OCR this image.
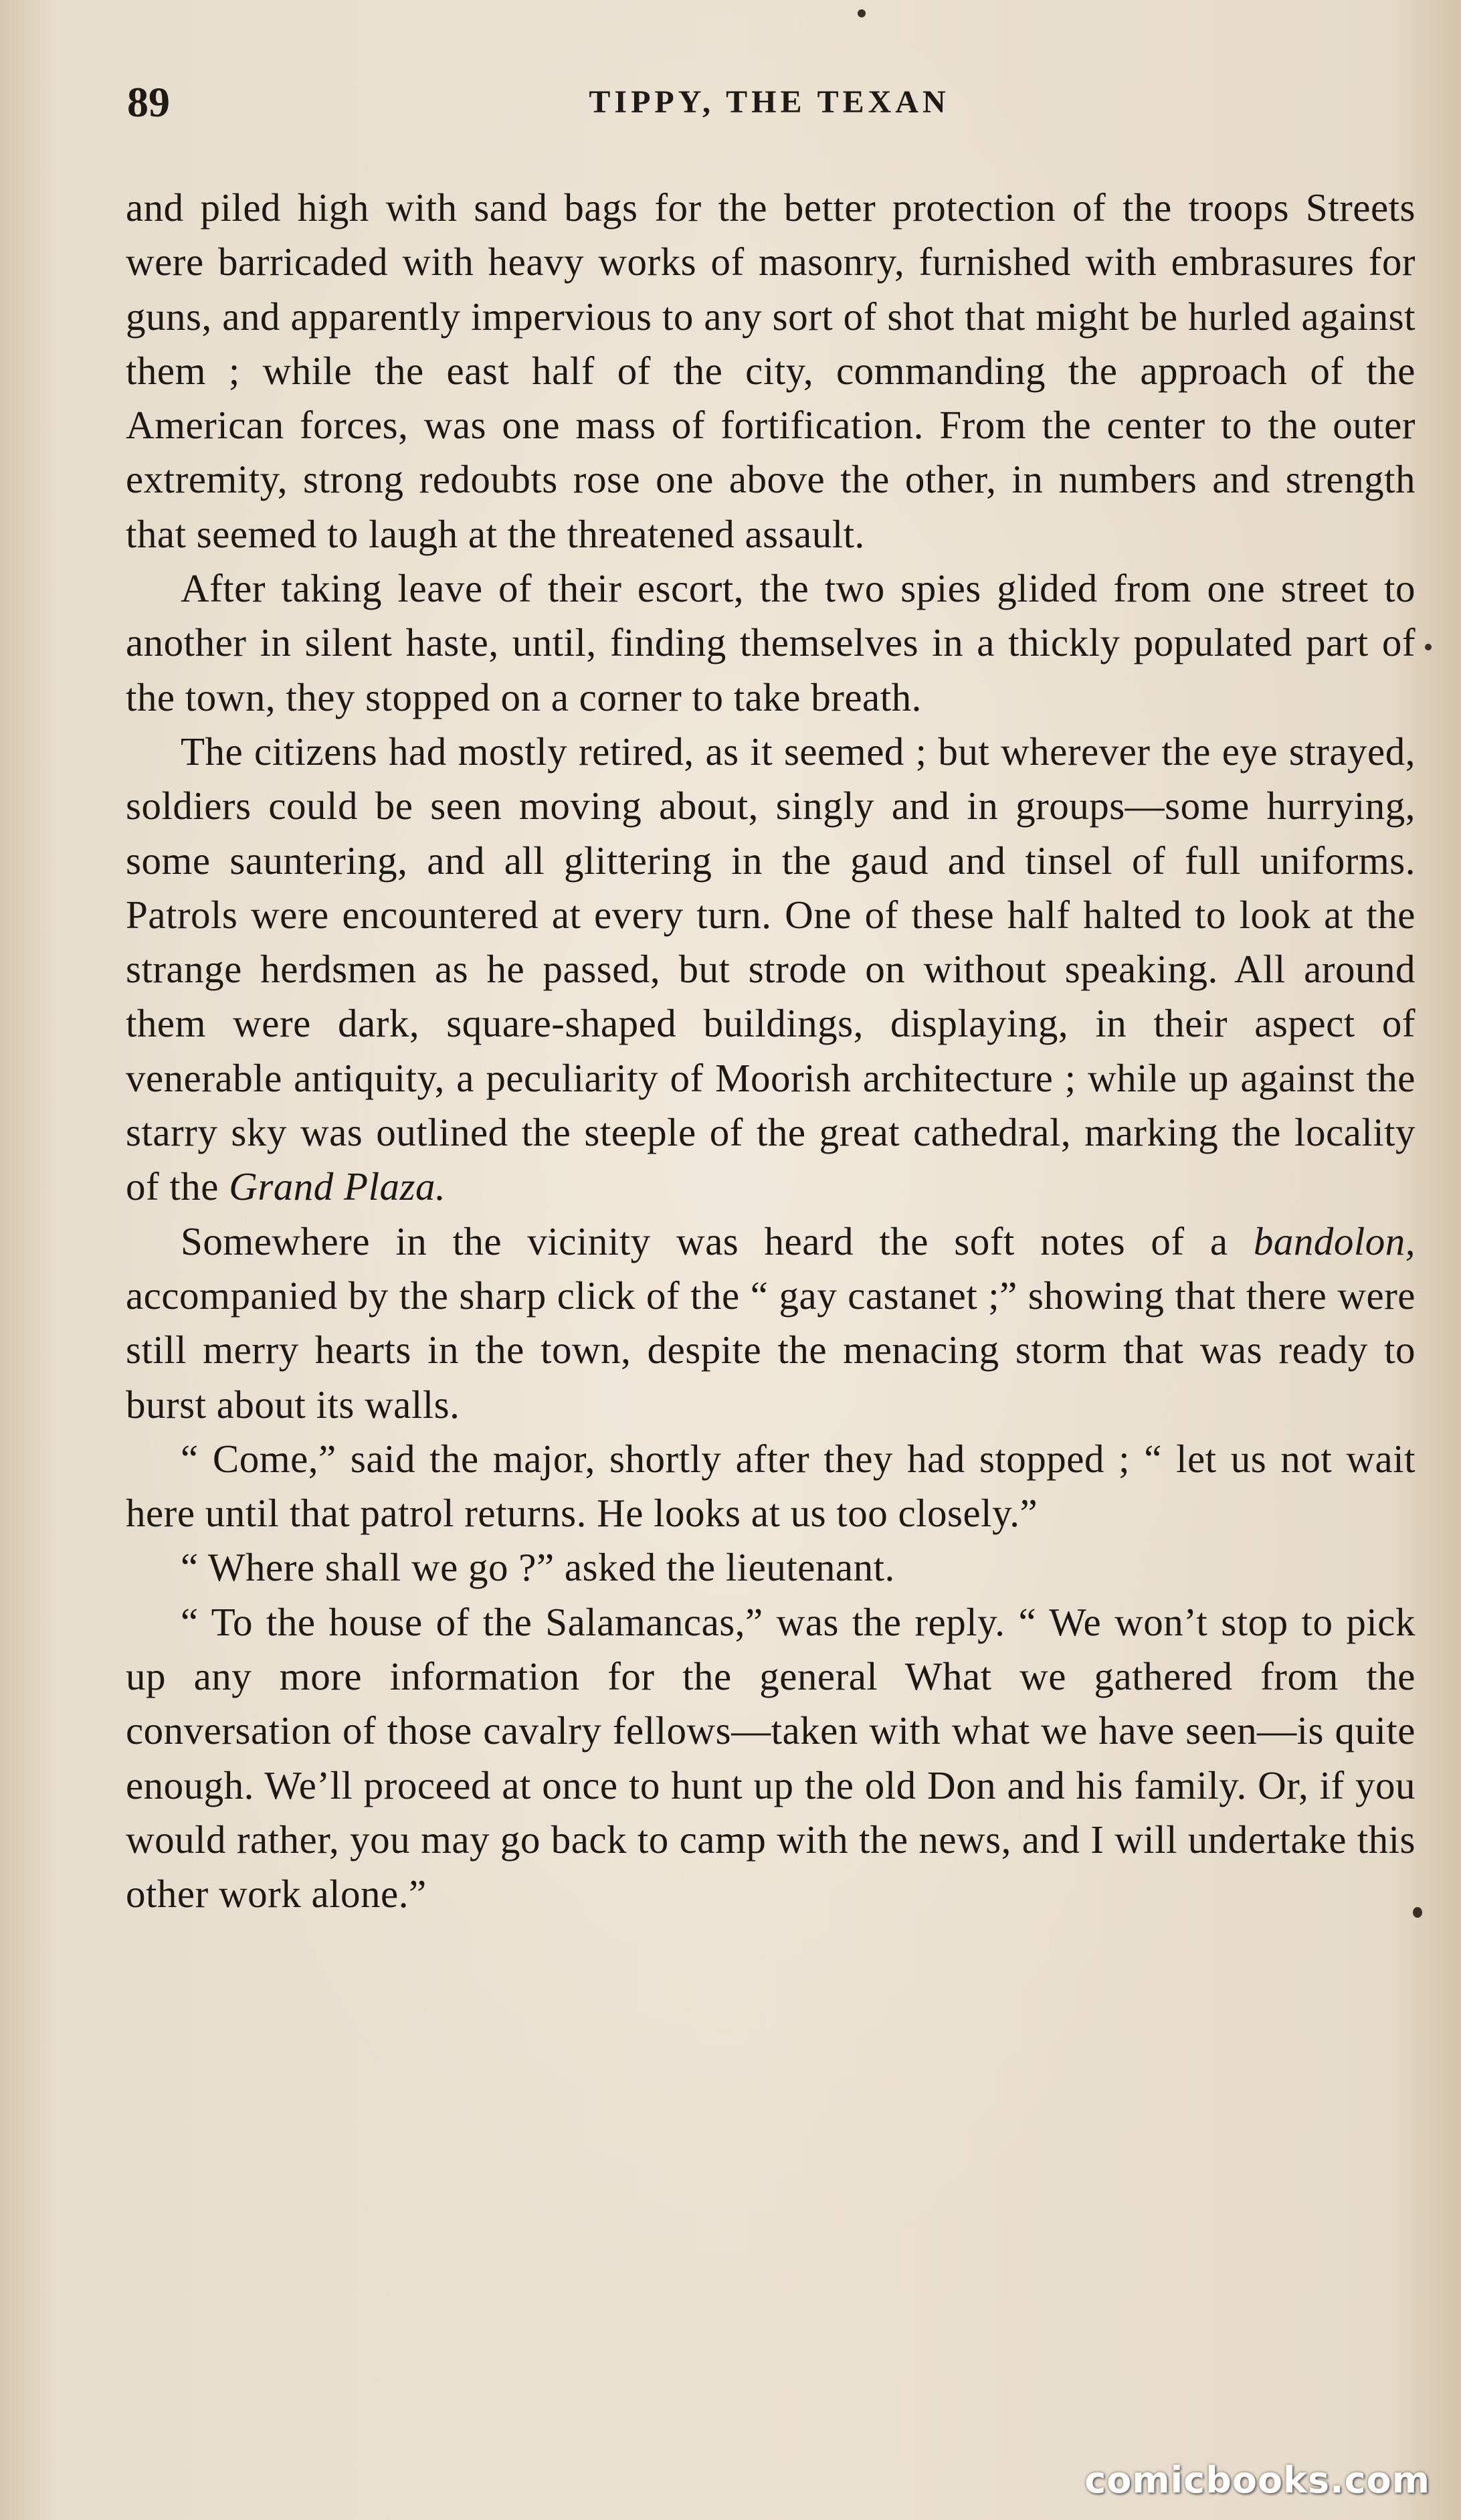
89	TIPPY, THE TEXAN

and piled high with sand bags for the better protection of the troops Streets were barricaded with heavy works of masonry, furnished with embrasures for guns, and apparently impervious to any sort of shot that might be hurled against them ; while the east half of the city, commanding the approach of the American forces, was one mass of fortification. From the center to the outer extremity, strong redoubts rose one above the other, in numbers and strength that seemed to laugh at the threatened assault.

After taking leave of their escort, the two spies glided from one street to another in silent haste, until, finding themselves in a thickly populated part of the town, they stopped on a corner to take breath.

The citizens had mostly retired, as it seemed ; but wherever the eye strayed, soldiers could be seen moving about, singly and in groups—some hurrying, some sauntering, and all glittering in the gaud and tinsel of full uniforms. Patrols were encountered at every turn. One of these half halted to look at the strange herdsmen as he passed, but strode on without speaking. All around them were dark, square-shaped buildings, displaying, in their aspect of venerable antiquity, a peculiarity of Moorish architecture ; while up against the starry sky was outlined the steeple of the great cathedral, marking the locality of the Grand Plaza.

Somewhere in the vicinity was heard the soft notes of a bandolon, accompanied by the sharp click of the “ gay castanet ;” showing that there were still merry hearts in the town, despite the menacing storm that was ready to burst about its walls.

“ Come,” said the major, shortly after they had stopped ; “ let us not wait here until that patrol returns. He looks at us too closely.”

“ Where shall we go ?” asked the lieutenant.

“ To the house of the Salamancas,” was the reply. “ We won’t stop to pick up any more information for the general What we gathered from the conversation of those cavalry fellows—taken with what we have seen—is quite enough. We’ll proceed at once to hunt up the old Don and his family. Or, if you would rather, you may go back to camp with the news, and I will undertake this other work alone.”

comicbooks.com
